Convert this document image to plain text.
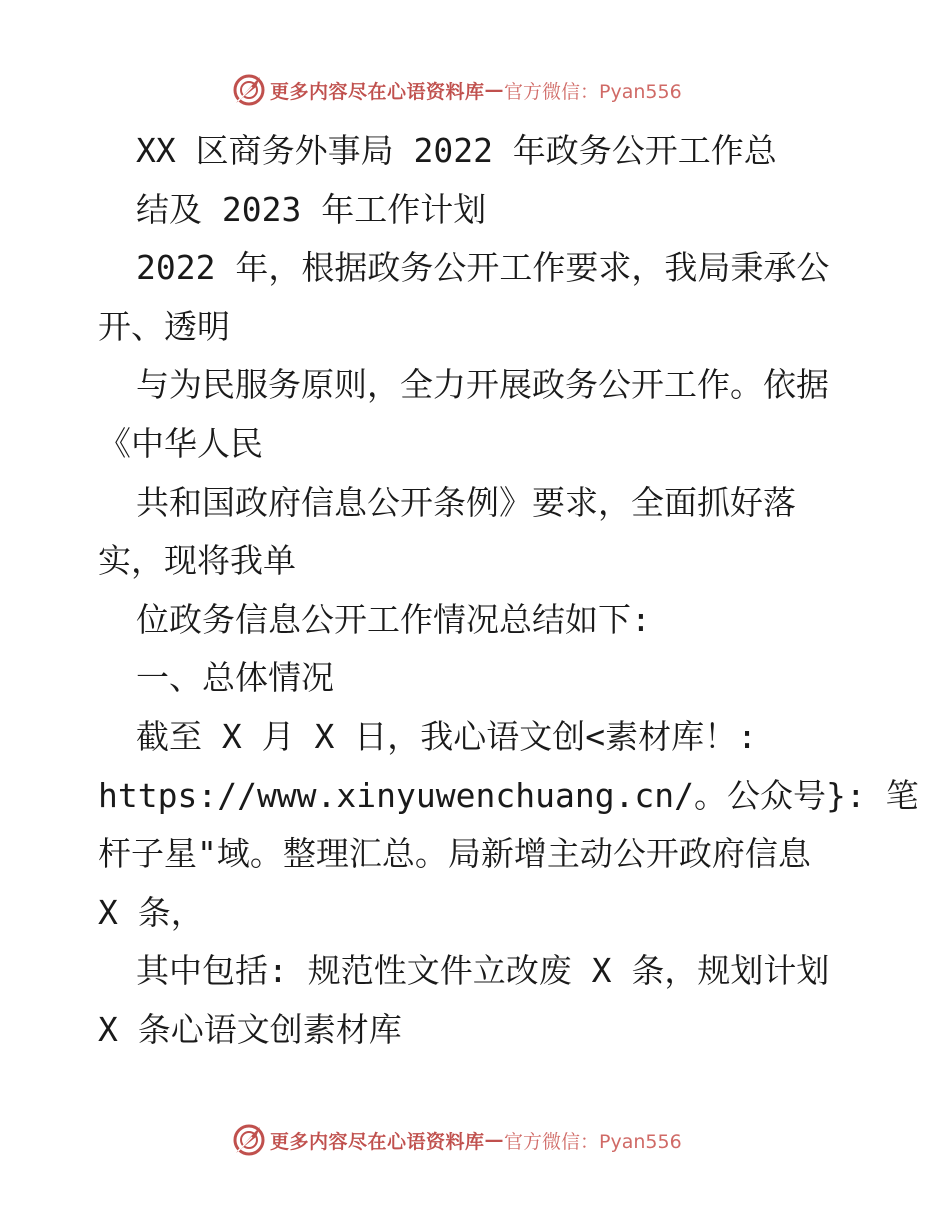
更多内容尽在心语资料库 — 官方微信：Pyan556
XX 区商务外事局 2022 年政务公开工作总
结及 2023 年工作计划
2022 年，根据政务公开工作要求，我局秉承公
开、透明
与为民服务原则，全力开展政务公开工作。依据
《中华人民
共和国政府信息公开条例》要求，全面抓好落
实，现将我单
位政务信息公开工作情况总结如下:
一、总体情况
截至 X 月 X 日，我心语文创<素材库！:
https://www.xinyuwenchuang.cn/。公众号}: 笔
杆子星"域。整理汇总。局新增主动公开政府信息
X 条，
其中包括: 规范性文件立改废 X 条，规划计划
X 条心语文创素材库
更多内容尽在心语资料库 — 官方微信：Pyan556
